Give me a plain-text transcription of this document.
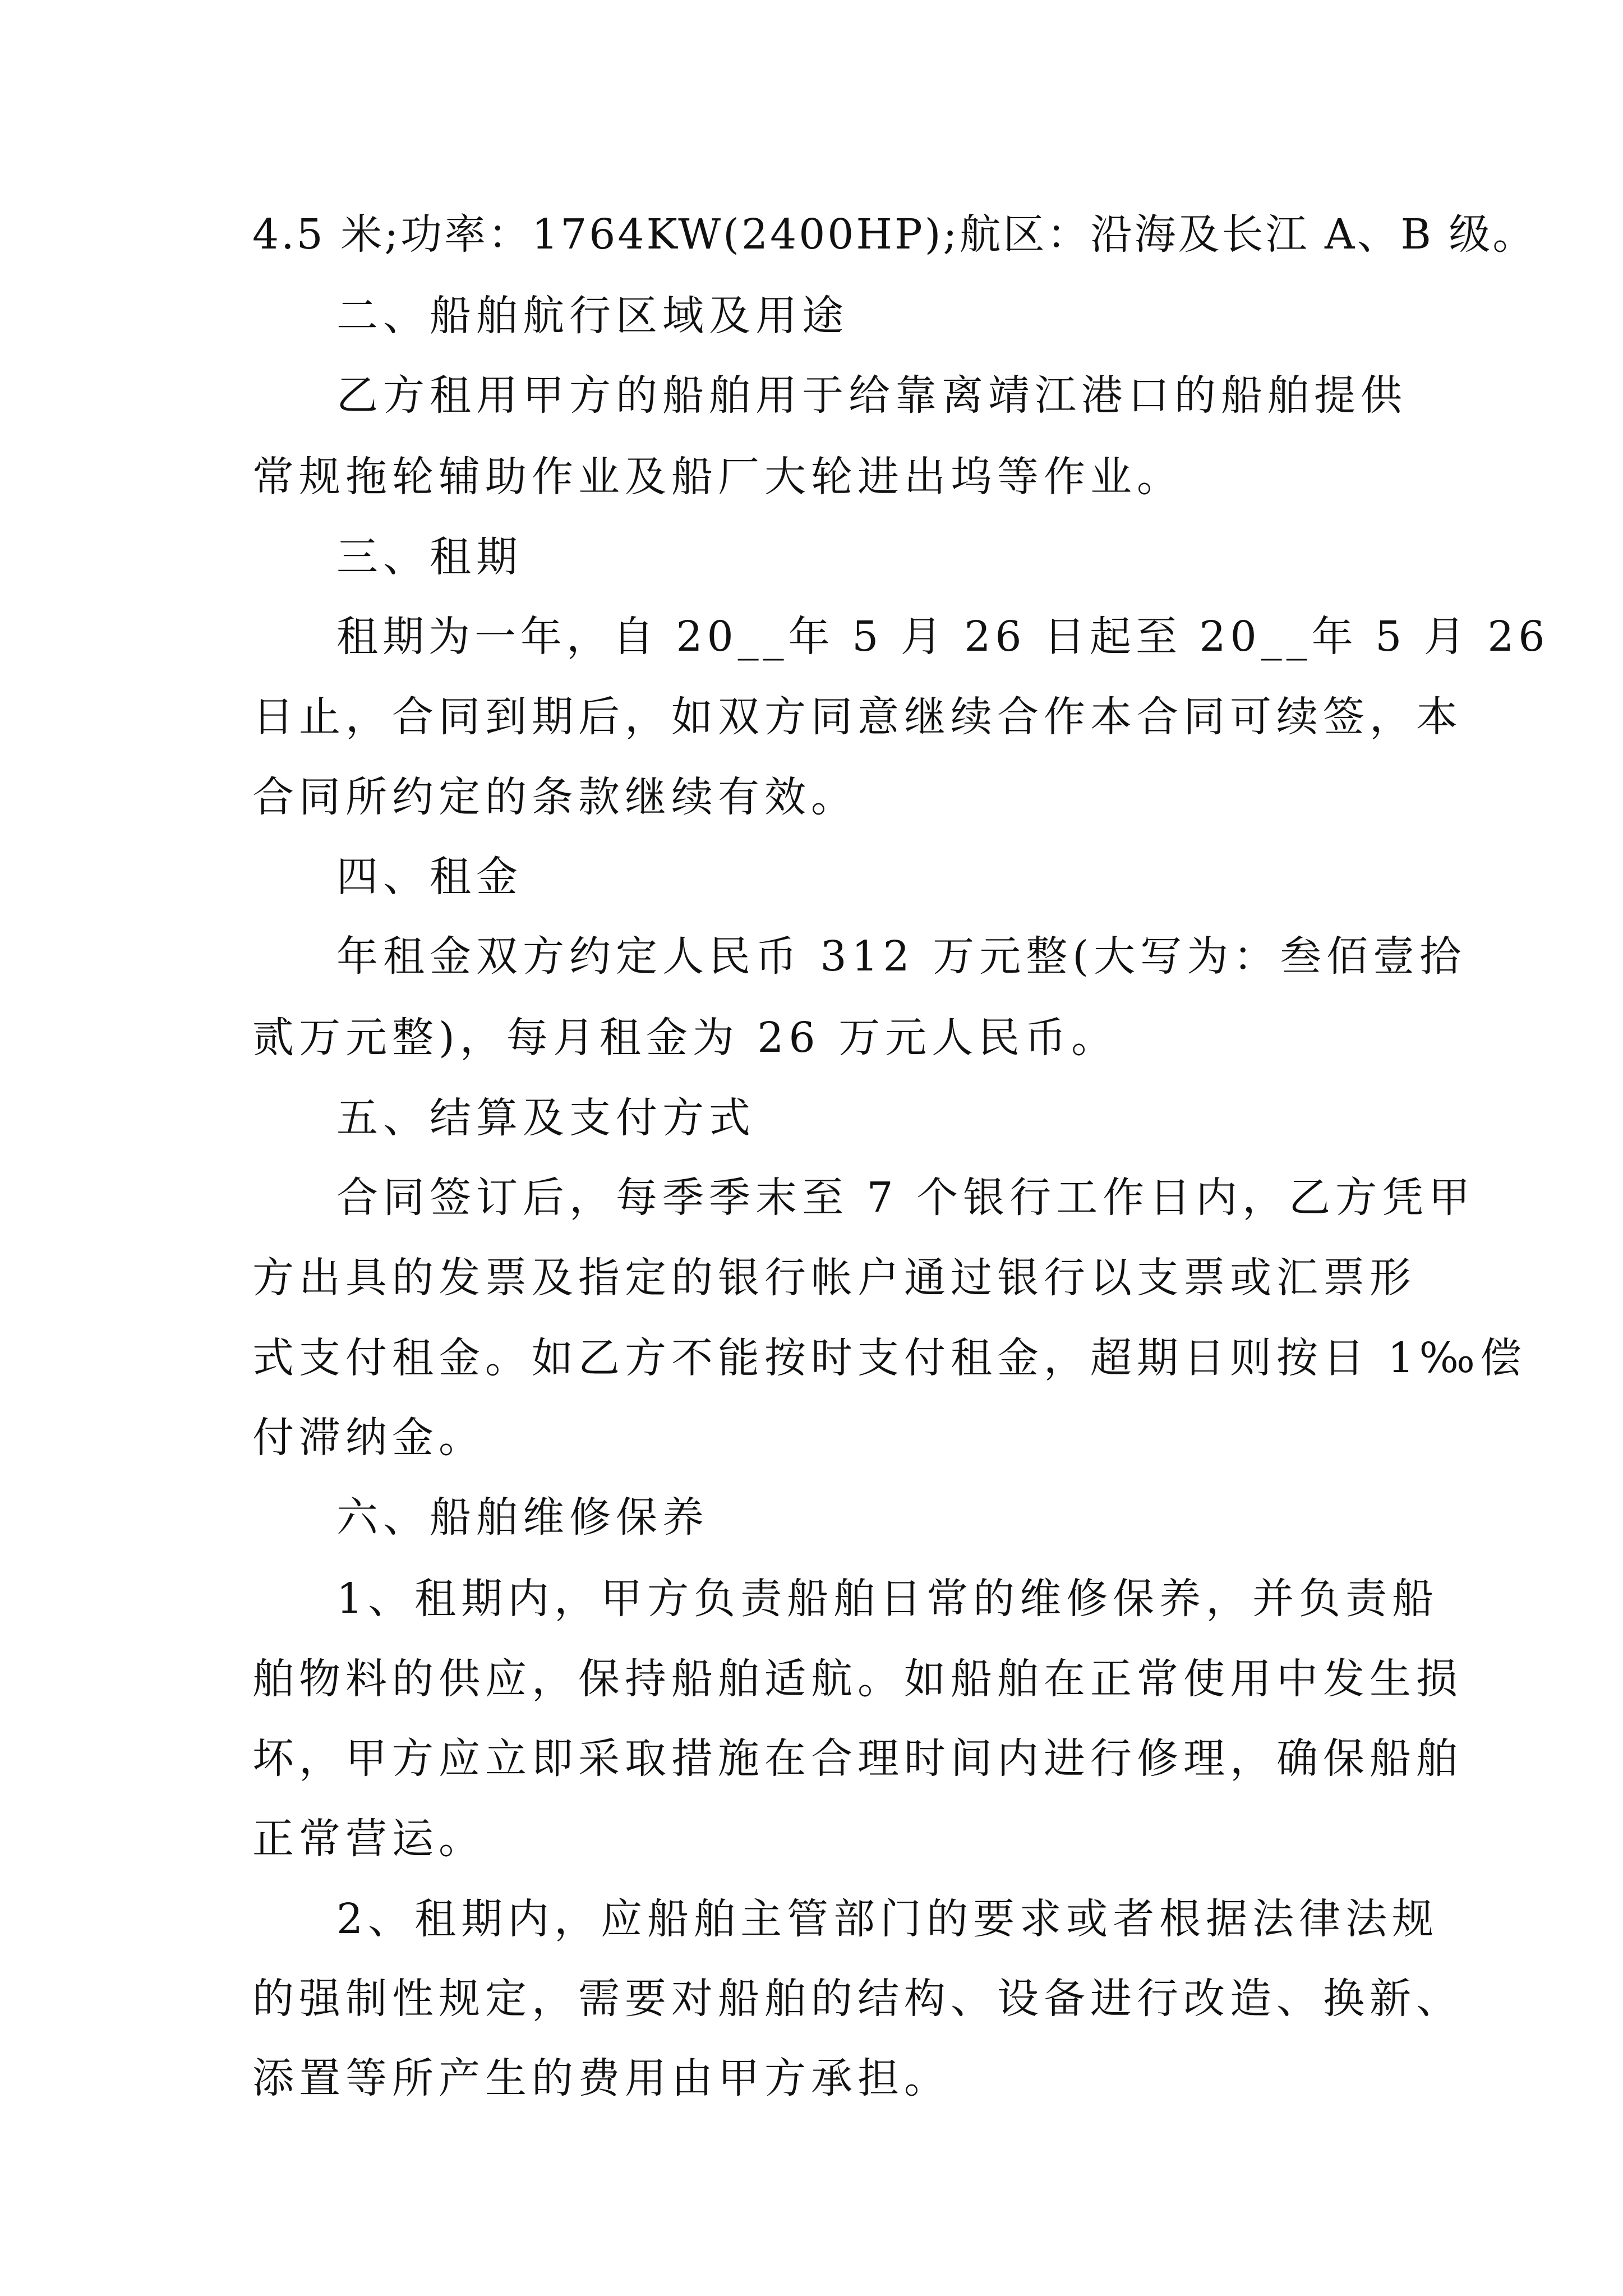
4.5 米;功率：1764KW(2400HP);航区：沿海及长江 A、B 级。

二、船舶航行区域及用途

乙方租用甲方的船舶用于给靠离靖江港口的船舶提供

常规拖轮辅助作业及船厂大轮进出坞等作业。

三、租期

租期为一年，自 20__年 5 月 26 日起至 20__年 5 月 26

日止，合同到期后，如双方同意继续合作本合同可续签，本

合同所约定的条款继续有效。

四、租金

年租金双方约定人民币 312 万元整(大写为：叁佰壹拾

贰万元整)，每月租金为 26 万元人民币。

五、结算及支付方式

合同签订后，每季季末至 7 个银行工作日内，乙方凭甲

方出具的发票及指定的银行帐户通过银行以支票或汇票形

式支付租金。如乙方不能按时支付租金，超期日则按日 1‰偿

付滞纳金。

六、船舶维修保养

1、租期内，甲方负责船舶日常的维修保养，并负责船

舶物料的供应，保持船舶适航。如船舶在正常使用中发生损

坏，甲方应立即采取措施在合理时间内进行修理，确保船舶

正常营运。

2、租期内，应船舶主管部门的要求或者根据法律法规

的强制性规定，需要对船舶的结构、设备进行改造、换新、

添置等所产生的费用由甲方承担。
